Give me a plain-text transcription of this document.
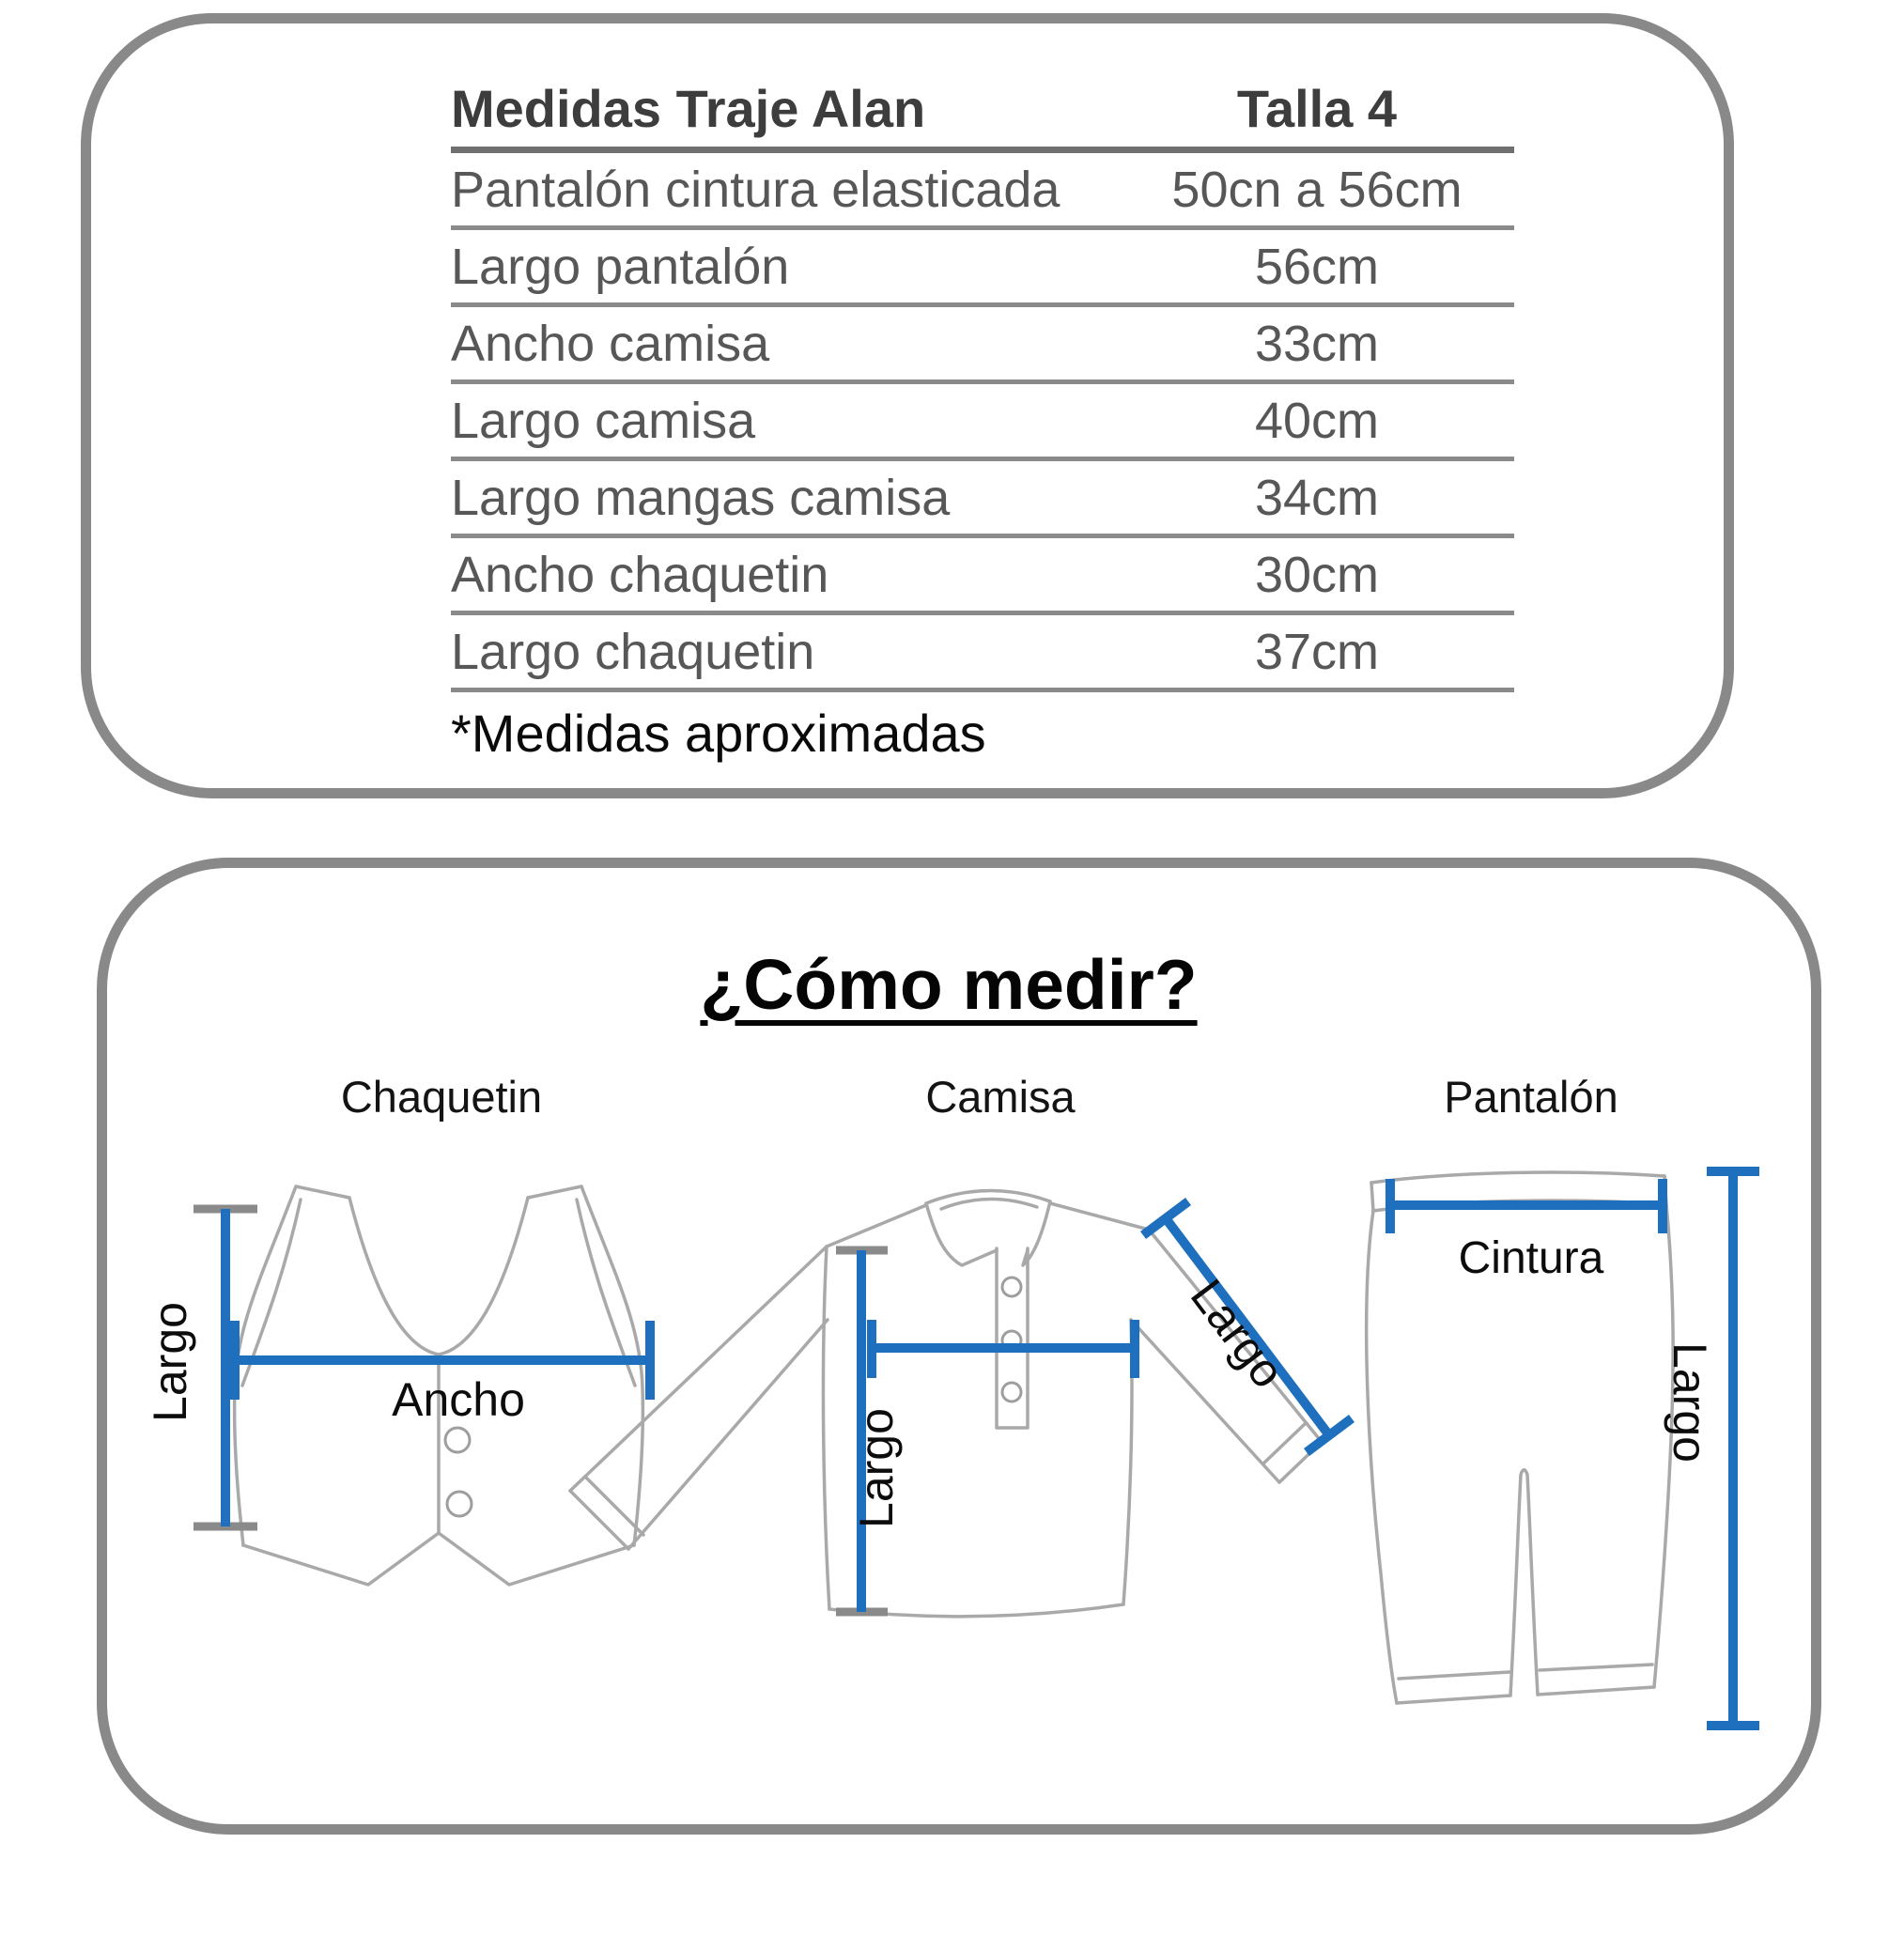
Medidas Traje Alan	Talla 4
Pantalón cintura elasticada	50cn a 56cm
Largo pantalón	56cm
Ancho camisa	33cm
Largo camisa	40cm
Largo mangas camisa	34cm
Ancho chaquetin	30cm
Largo chaquetin	37cm
*Medidas aproximadas
¿Cómo medir?
Chaquetin	Camisa	Pantalón
Largo	Ancho
Largo
Largo
Cintura
Largo
